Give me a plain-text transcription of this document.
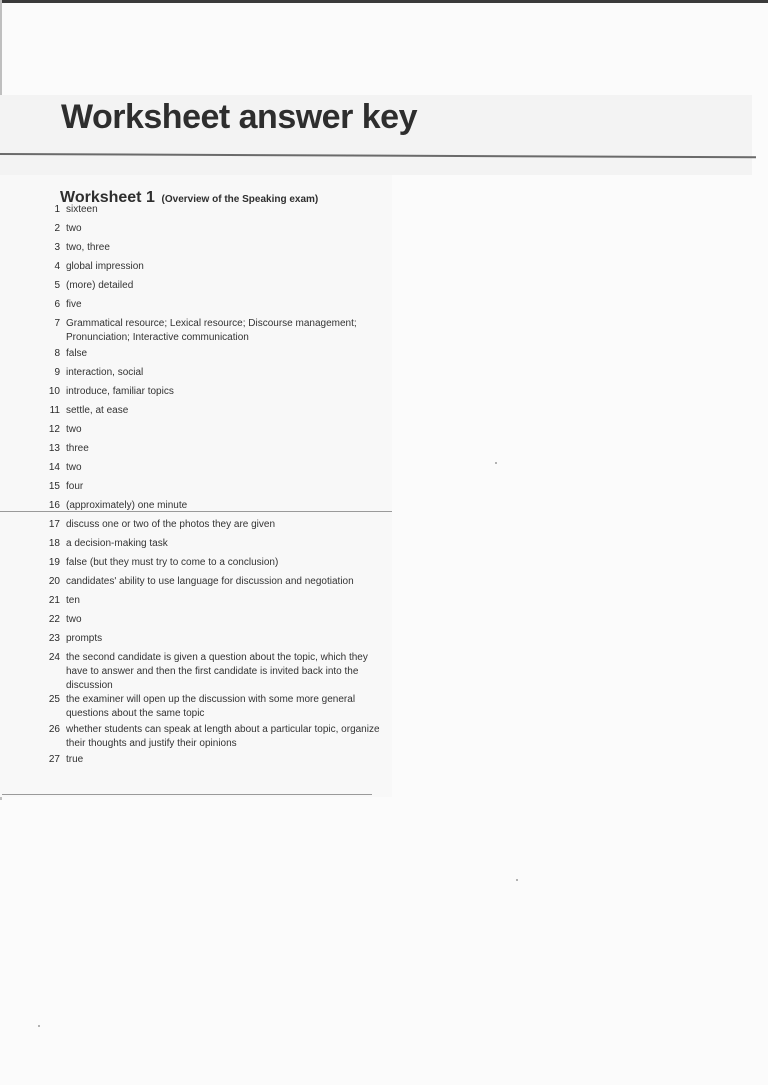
Worksheet answer key
Worksheet 1 (Overview of the Speaking exam)
1 sixteen
2 two
3 two, three
4 global impression
5 (more) detailed
6 five
7 Grammatical resource; Lexical resource; Discourse management; Pronunciation; Interactive communication
8 false
9 interaction, social
10 introduce, familiar topics
11 settle, at ease
12 two
13 three
14 two
15 four
16 (approximately) one minute
17 discuss one or two of the photos they are given
18 a decision-making task
19 false (but they must try to come to a conclusion)
20 candidates' ability to use language for discussion and negotiation
21 ten
22 two
23 prompts
24 the second candidate is given a question about the topic, which they have to answer and then the first candidate is invited back into the discussion
25 the examiner will open up the discussion with some more general questions about the same topic
26 whether students can speak at length about a particular topic, organize their thoughts and justify their opinions
27 true
